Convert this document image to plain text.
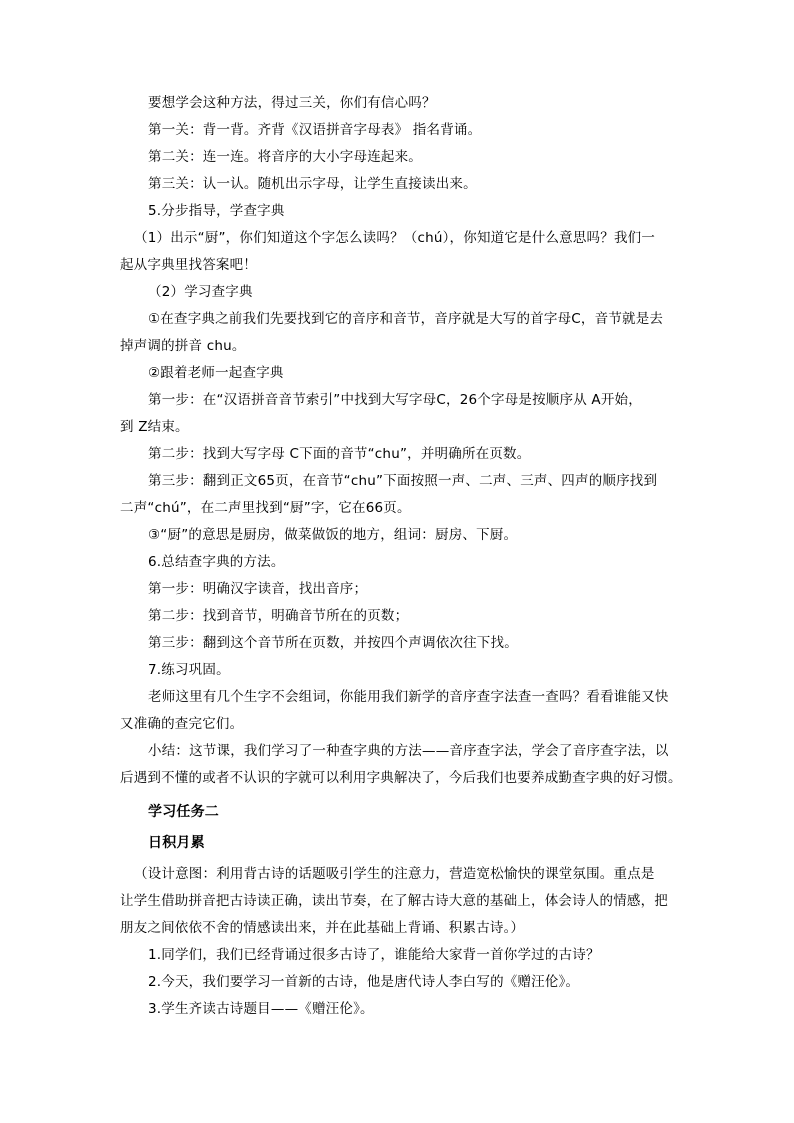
要想学会这种方法，得过三关，你们有信心吗？
第一关：背一背。齐背《汉语拼音字母表》 指名背诵。
第二关：连一连。将音序的大小字母连起来。
第三关：认一认。随机出示字母，让学生直接读出来。
5.分步指导，学查字典
（1）出示“厨”，你们知道这个字怎么读吗？（chú），你知道它是什么意思吗？我们一
起从字典里找答案吧！
（2）学习查字典
①在查字典之前我们先要找到它的音序和音节，音序就是大写的首字母C，音节就是去
掉声调的拼音 chu。
②跟着老师一起查字典
第一步：在“汉语拼音音节索引”中找到大写字母C，26个字母是按顺序从 A开始，
到 Z结束。
第二步：找到大写字母 C下面的音节“chu”，并明确所在页数。
第三步：翻到正文65页，在音节“chu”下面按照一声、二声、三声、四声的顺序找到
二声“chú”，在二声里找到“厨”字，它在66页。
③“厨”的意思是厨房，做菜做饭的地方，组词：厨房、下厨。
6.总结查字典的方法。
第一步：明确汉字读音，找出音序；
第二步：找到音节，明确音节所在的页数；
第三步：翻到这个音节所在页数，并按四个声调依次往下找。
7.练习巩固。
老师这里有几个生字不会组词，你能用我们新学的音序查字法查一查吗？看看谁能又快
又准确的查完它们。
小结：这节课，我们学习了一种查字典的方法——音序查字法，学会了音序查字法，以
后遇到不懂的或者不认识的字就可以利用字典解决了，今后我们也要养成勤查字典的好习惯。
学习任务二
日积月累
（设计意图：利用背古诗的话题吸引学生的注意力，营造宽松愉快的课堂氛围。重点是
让学生借助拼音把古诗读正确，读出节奏，在了解古诗大意的基础上，体会诗人的情感，把
朋友之间依依不舍的情感读出来，并在此基础上背诵、积累古诗。）
1.同学们，我们已经背诵过很多古诗了，谁能给大家背一首你学过的古诗？
2.今天，我们要学习一首新的古诗，他是唐代诗人李白写的《赠汪伦》。
3.学生齐读古诗题目——《赠汪伦》。
